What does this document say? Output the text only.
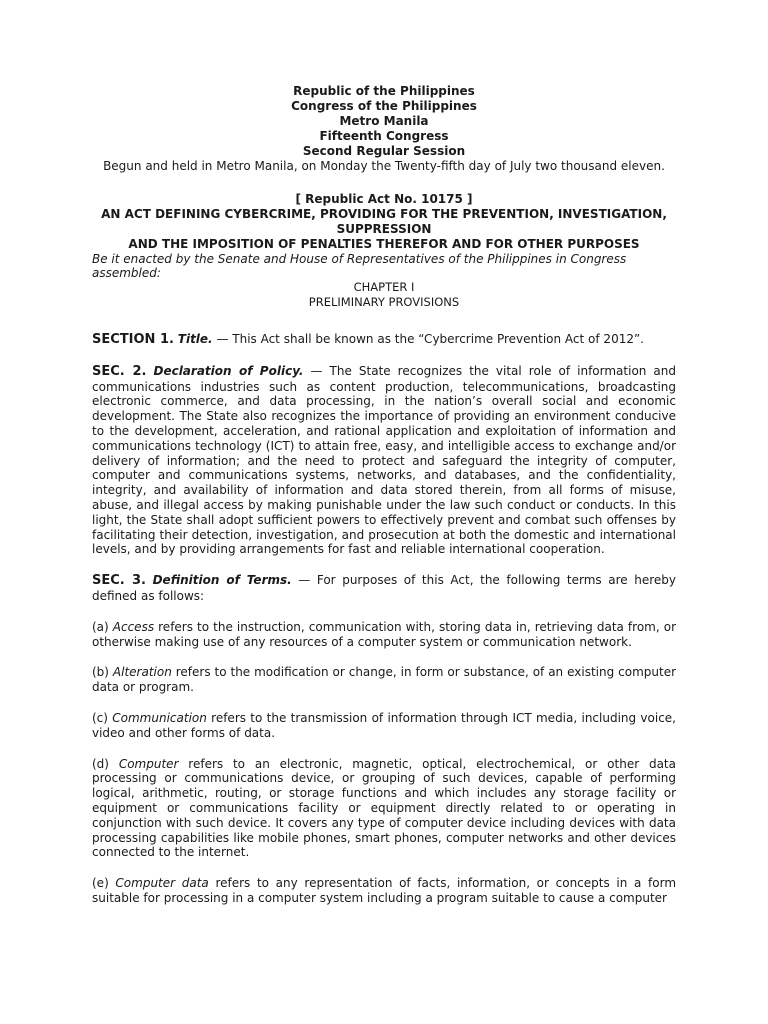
Republic of the Philippines
Congress of the Philippines
Metro Manila
Fifteenth Congress
Second Regular Session
Begun and held in Metro Manila, on Monday the Twenty-fifth day of July two thousand eleven.
[ Republic Act No. 10175 ]
AN ACT DEFINING CYBERCRIME, PROVIDING FOR THE PREVENTION, INVESTIGATION,
SUPPRESSION
AND THE IMPOSITION OF PENALTIES THEREFOR AND FOR OTHER PURPOSES
Be it enacted by the Senate and House of Representatives of the Philippines in Congress assembled:
CHAPTER I
PRELIMINARY PROVISIONS

SECTION 1. Title. — This Act shall be known as the “Cybercrime Prevention Act of 2012”.

SEC. 2. Declaration of Policy. — The State recognizes the vital role of information and communications industries such as content production, telecommunications, broadcasting electronic commerce, and data processing, in the nation’s overall social and economic development. The State also recognizes the importance of providing an environment conducive to the development, acceleration, and rational application and exploitation of information and communications technology (ICT) to attain free, easy, and intelligible access to exchange and/or delivery of information; and the need to protect and safeguard the integrity of computer, computer and communications systems, networks, and databases, and the confidentiality, integrity, and availability of information and data stored therein, from all forms of misuse, abuse, and illegal access by making punishable under the law such conduct or conducts. In this light, the State shall adopt sufficient powers to effectively prevent and combat such offenses by facilitating their detection, investigation, and prosecution at both the domestic and international levels, and by providing arrangements for fast and reliable international cooperation.

SEC. 3. Definition of Terms. — For purposes of this Act, the following terms are hereby defined as follows:

(a) Access refers to the instruction, communication with, storing data in, retrieving data from, or otherwise making use of any resources of a computer system or communication network.

(b) Alteration refers to the modification or change, in form or substance, of an existing computer data or program.

(c) Communication refers to the transmission of information through ICT media, including voice, video and other forms of data.

(d) Computer refers to an electronic, magnetic, optical, electrochemical, or other data processing or communications device, or grouping of such devices, capable of performing logical, arithmetic, routing, or storage functions and which includes any storage facility or equipment or communications facility or equipment directly related to or operating in conjunction with such device. It covers any type of computer device including devices with data processing capabilities like mobile phones, smart phones, computer networks and other devices connected to the internet.

(e) Computer data refers to any representation of facts, information, or concepts in a form suitable for processing in a computer system including a program suitable to cause a computer
